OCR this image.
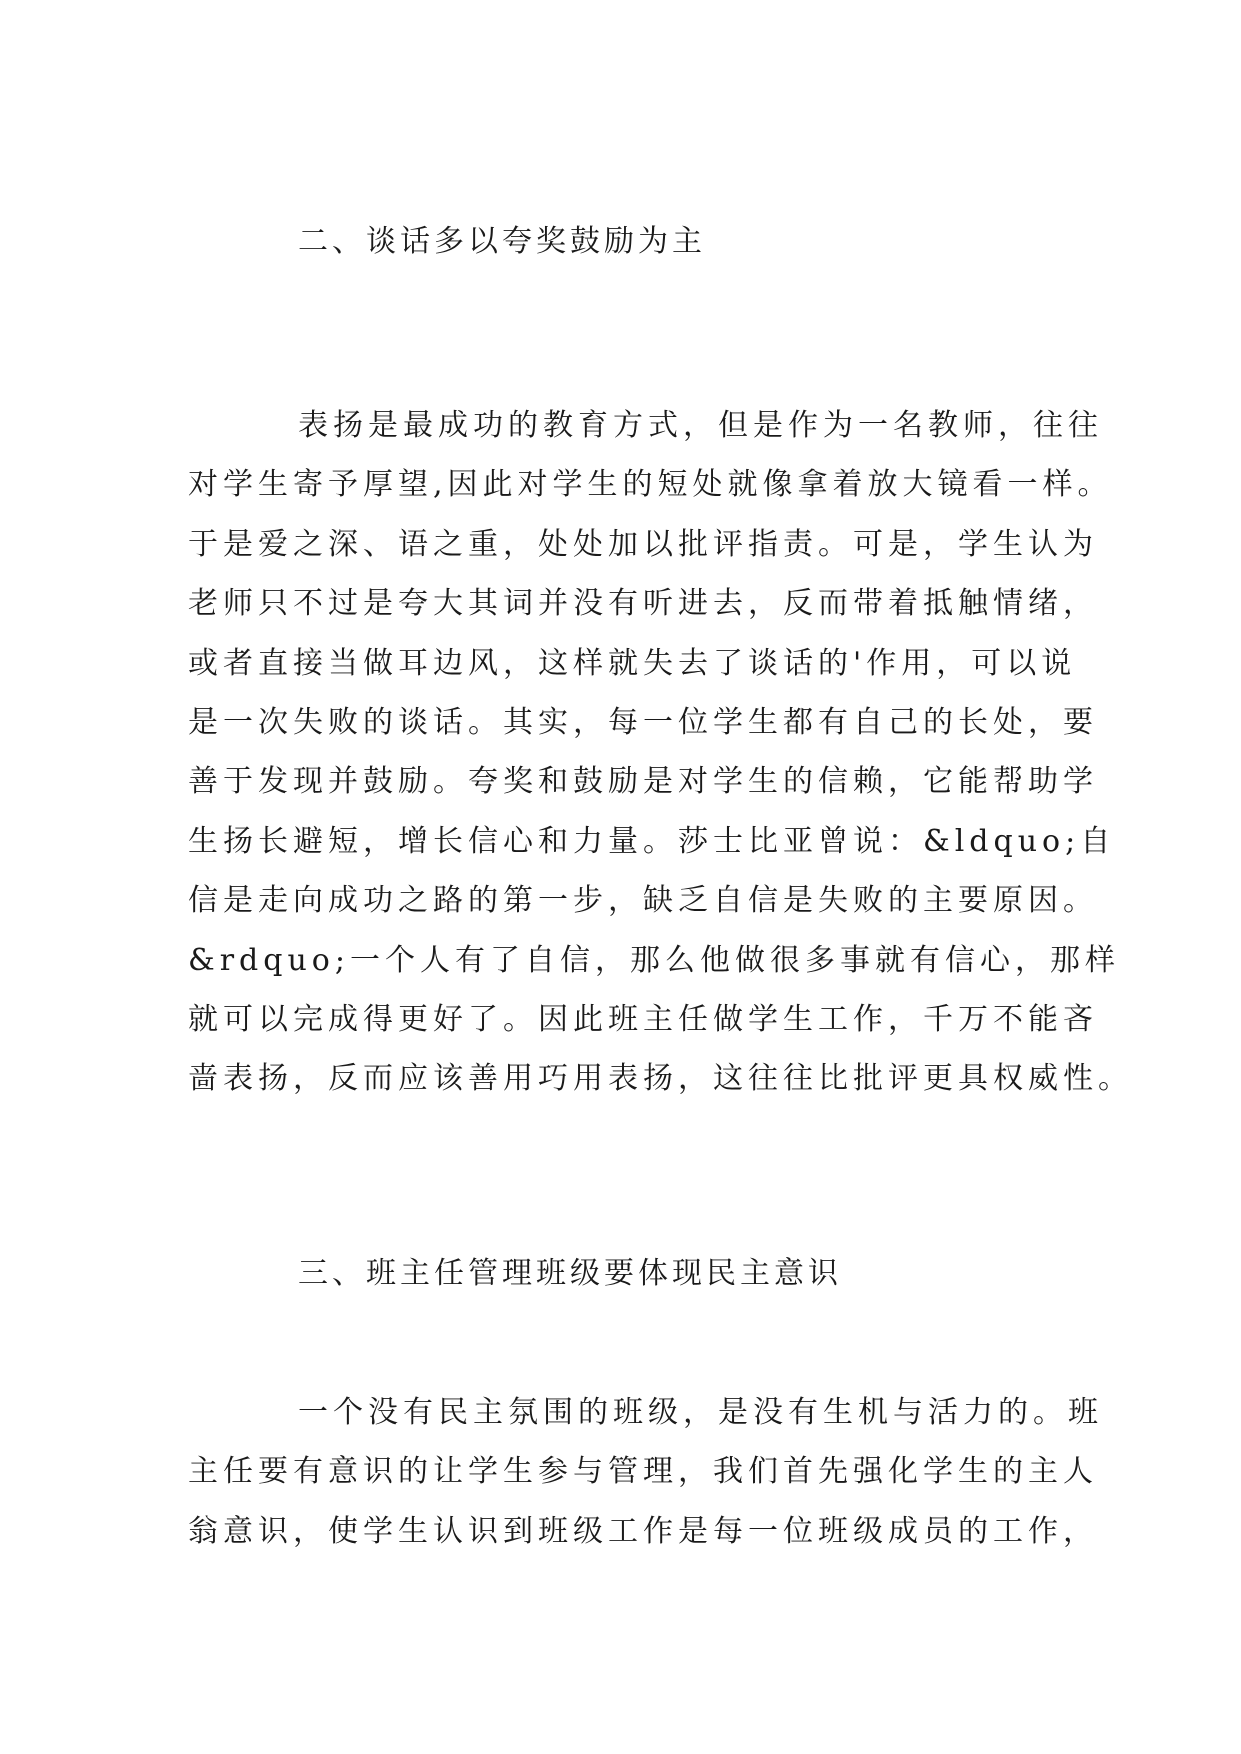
二、谈话多以夸奖鼓励为主
表扬是最成功的教育方式，但是作为一名教师，往往
对学生寄予厚望,因此对学生的短处就像拿着放大镜看一样。
于是爱之深、语之重，处处加以批评指责。可是，学生认为
老师只不过是夸大其词并没有听进去，反而带着抵触情绪，
或者直接当做耳边风，这样就失去了谈话的'作用，可以说
是一次失败的谈话。其实，每一位学生都有自己的长处，要
善于发现并鼓励。夸奖和鼓励是对学生的信赖，它能帮助学
生扬长避短，增长信心和力量。莎士比亚曾说：&ldquo;自
信是走向成功之路的第一步，缺乏自信是失败的主要原因。
&rdquo;一个人有了自信，那么他做很多事就有信心，那样
就可以完成得更好了。因此班主任做学生工作，千万不能吝
啬表扬，反而应该善用巧用表扬，这往往比批评更具权威性。
三、班主任管理班级要体现民主意识
一个没有民主氛围的班级，是没有生机与活力的。班
主任要有意识的让学生参与管理，我们首先强化学生的主人
翁意识，使学生认识到班级工作是每一位班级成员的工作，
